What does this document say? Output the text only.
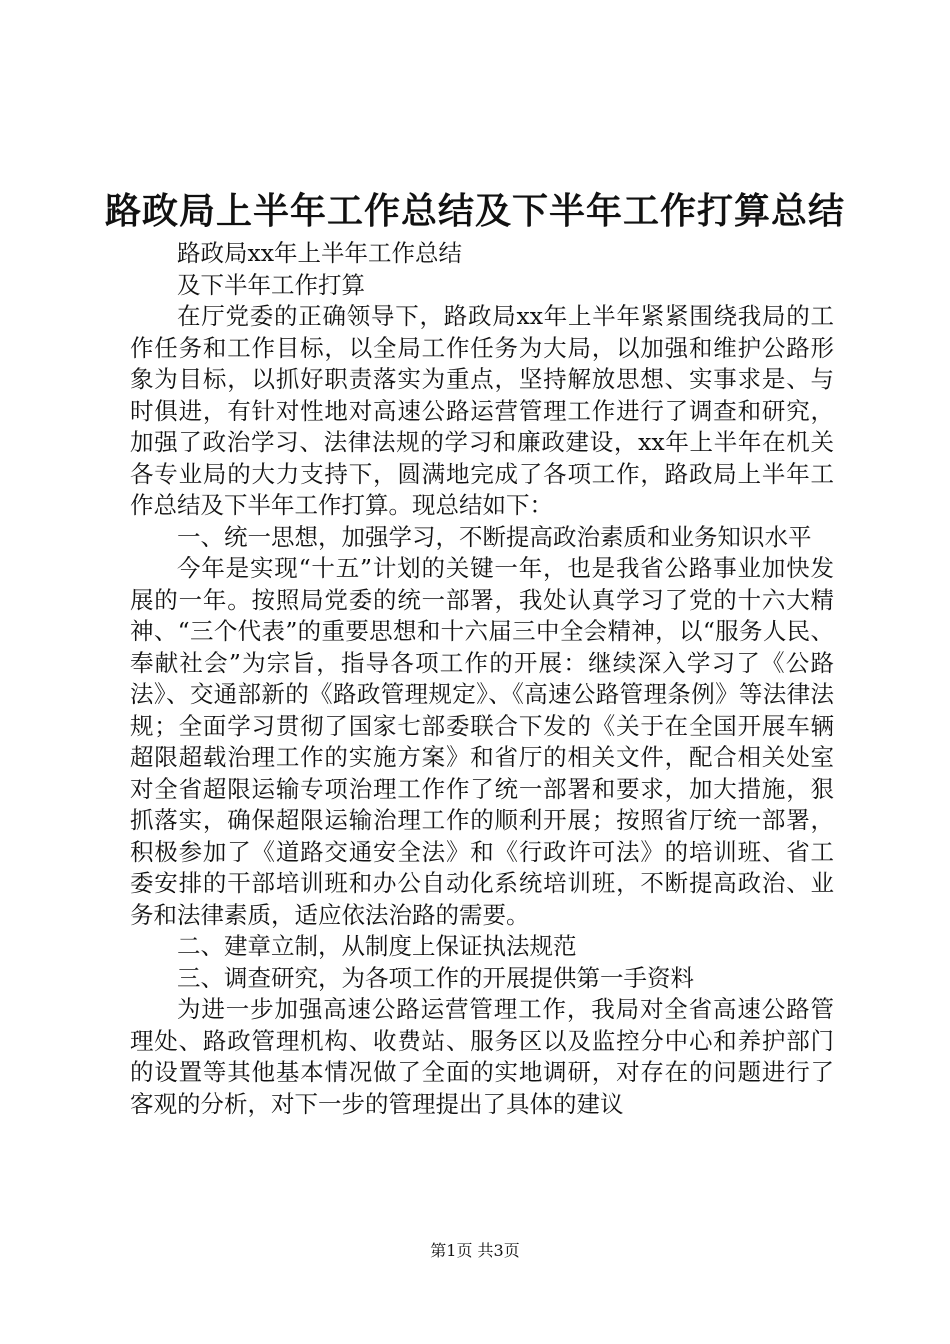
路政局上半年工作总结及下半年工作打算总结

路政局xx年上半年工作总结

及下半年工作打算

在厅党委的正确领导下，路政局xx年上半年紧紧围绕我局的工作任务和工作目标，以全局工作任务为大局，以加强和维护公路形象为目标，以抓好职责落实为重点，坚持解放思想、实事求是、与时俱进，有针对性地对高速公路运营管理工作进行了调查和研究，加强了政治学习、法律法规的学习和廉政建设，xx年上半年在机关各专业局的大力支持下，圆满地完成了各项工作，路政局上半年工作总结及下半年工作打算。现总结如下：

一、统一思想，加强学习，不断提高政治素质和业务知识水平

今年是实现“十五”计划的关键一年，也是我省公路事业加快发展的一年。按照局党委的统一部署，我处认真学习了党的十六大精神、“三个代表”的重要思想和十六届三中全会精神，以“服务人民、奉献社会”为宗旨，指导各项工作的开展：继续深入学习了《公路法》、交通部新的《路政管理规定》、《高速公路管理条例》等法律法规；全面学习贯彻了国家七部委联合下发的《关于在全国开展车辆超限超载治理工作的实施方案》和省厅的相关文件，配合相关处室对全省超限运输专项治理工作作了统一部署和要求，加大措施，狠抓落实，确保超限运输治理工作的顺利开展；按照省厅统一部署，积极参加了《道路交通安全法》和《行政许可法》的培训班、省工委安排的干部培训班和办公自动化系统培训班，不断提高政治、业务和法律素质，适应依法治路的需要。

二、建章立制，从制度上保证执法规范

三、调查研究，为各项工作的开展提供第一手资料

为进一步加强高速公路运营管理工作，我局对全省高速公路管理处、路政管理机构、收费站、服务区以及监控分中心和养护部门的设置等其他基本情况做了全面的实地调研，对存在的问题进行了客观的分析，对下一步的管理提出了具体的建议

第1页 共3页
